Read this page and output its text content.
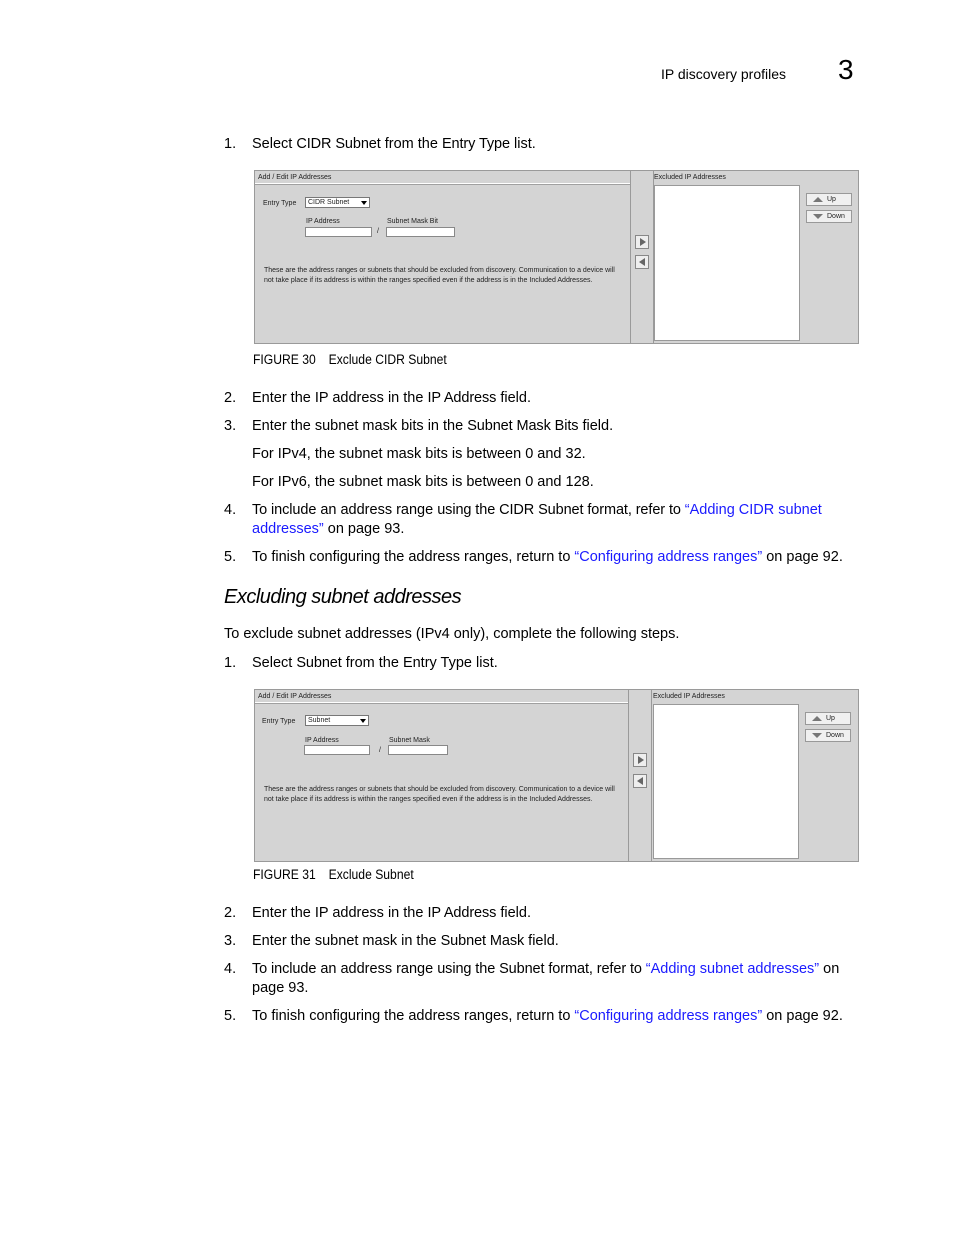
IP discovery profiles 3
1.	Select CIDR Subnet from the Entry Type list.
Add / Edit IP Addresses
Entry Type	CIDR Subnet
IP Address	Subnet Mask Bit
/
These are the address ranges or subnets that should be excluded from discovery. Communication to a device will not take place if its address is within the ranges specified even if the address is in the Included Addresses.
Excluded IP Addresses
Up
Down
FIGURE 30 Exclude CIDR Subnet
2.	Enter the IP address in the IP Address field.
3.	Enter the subnet mask bits in the Subnet Mask Bits field.
For IPv4, the subnet mask bits is between 0 and 32.
For IPv6, the subnet mask bits is between 0 and 128.
4.	To include an address range using the CIDR Subnet format, refer to “Adding CIDR subnet addresses” on page 93.
5.	To finish configuring the address ranges, return to “Configuring address ranges” on page 92.
Excluding subnet addresses
To exclude subnet addresses (IPv4 only), complete the following steps.
1.	Select Subnet from the Entry Type list.
Add / Edit IP Addresses
Entry Type	Subnet
IP Address	Subnet Mask
/
These are the address ranges or subnets that should be excluded from discovery. Communication to a device will not take place if its address is within the ranges specified even if the address is in the Included Addresses.
Excluded IP Addresses
Up
Down
FIGURE 31 Exclude Subnet
2.	Enter the IP address in the IP Address field.
3.	Enter the subnet mask in the Subnet Mask field.
4.	To include an address range using the Subnet format, refer to “Adding subnet addresses” on page 93.
5.	To finish configuring the address ranges, return to “Configuring address ranges” on page 92.
